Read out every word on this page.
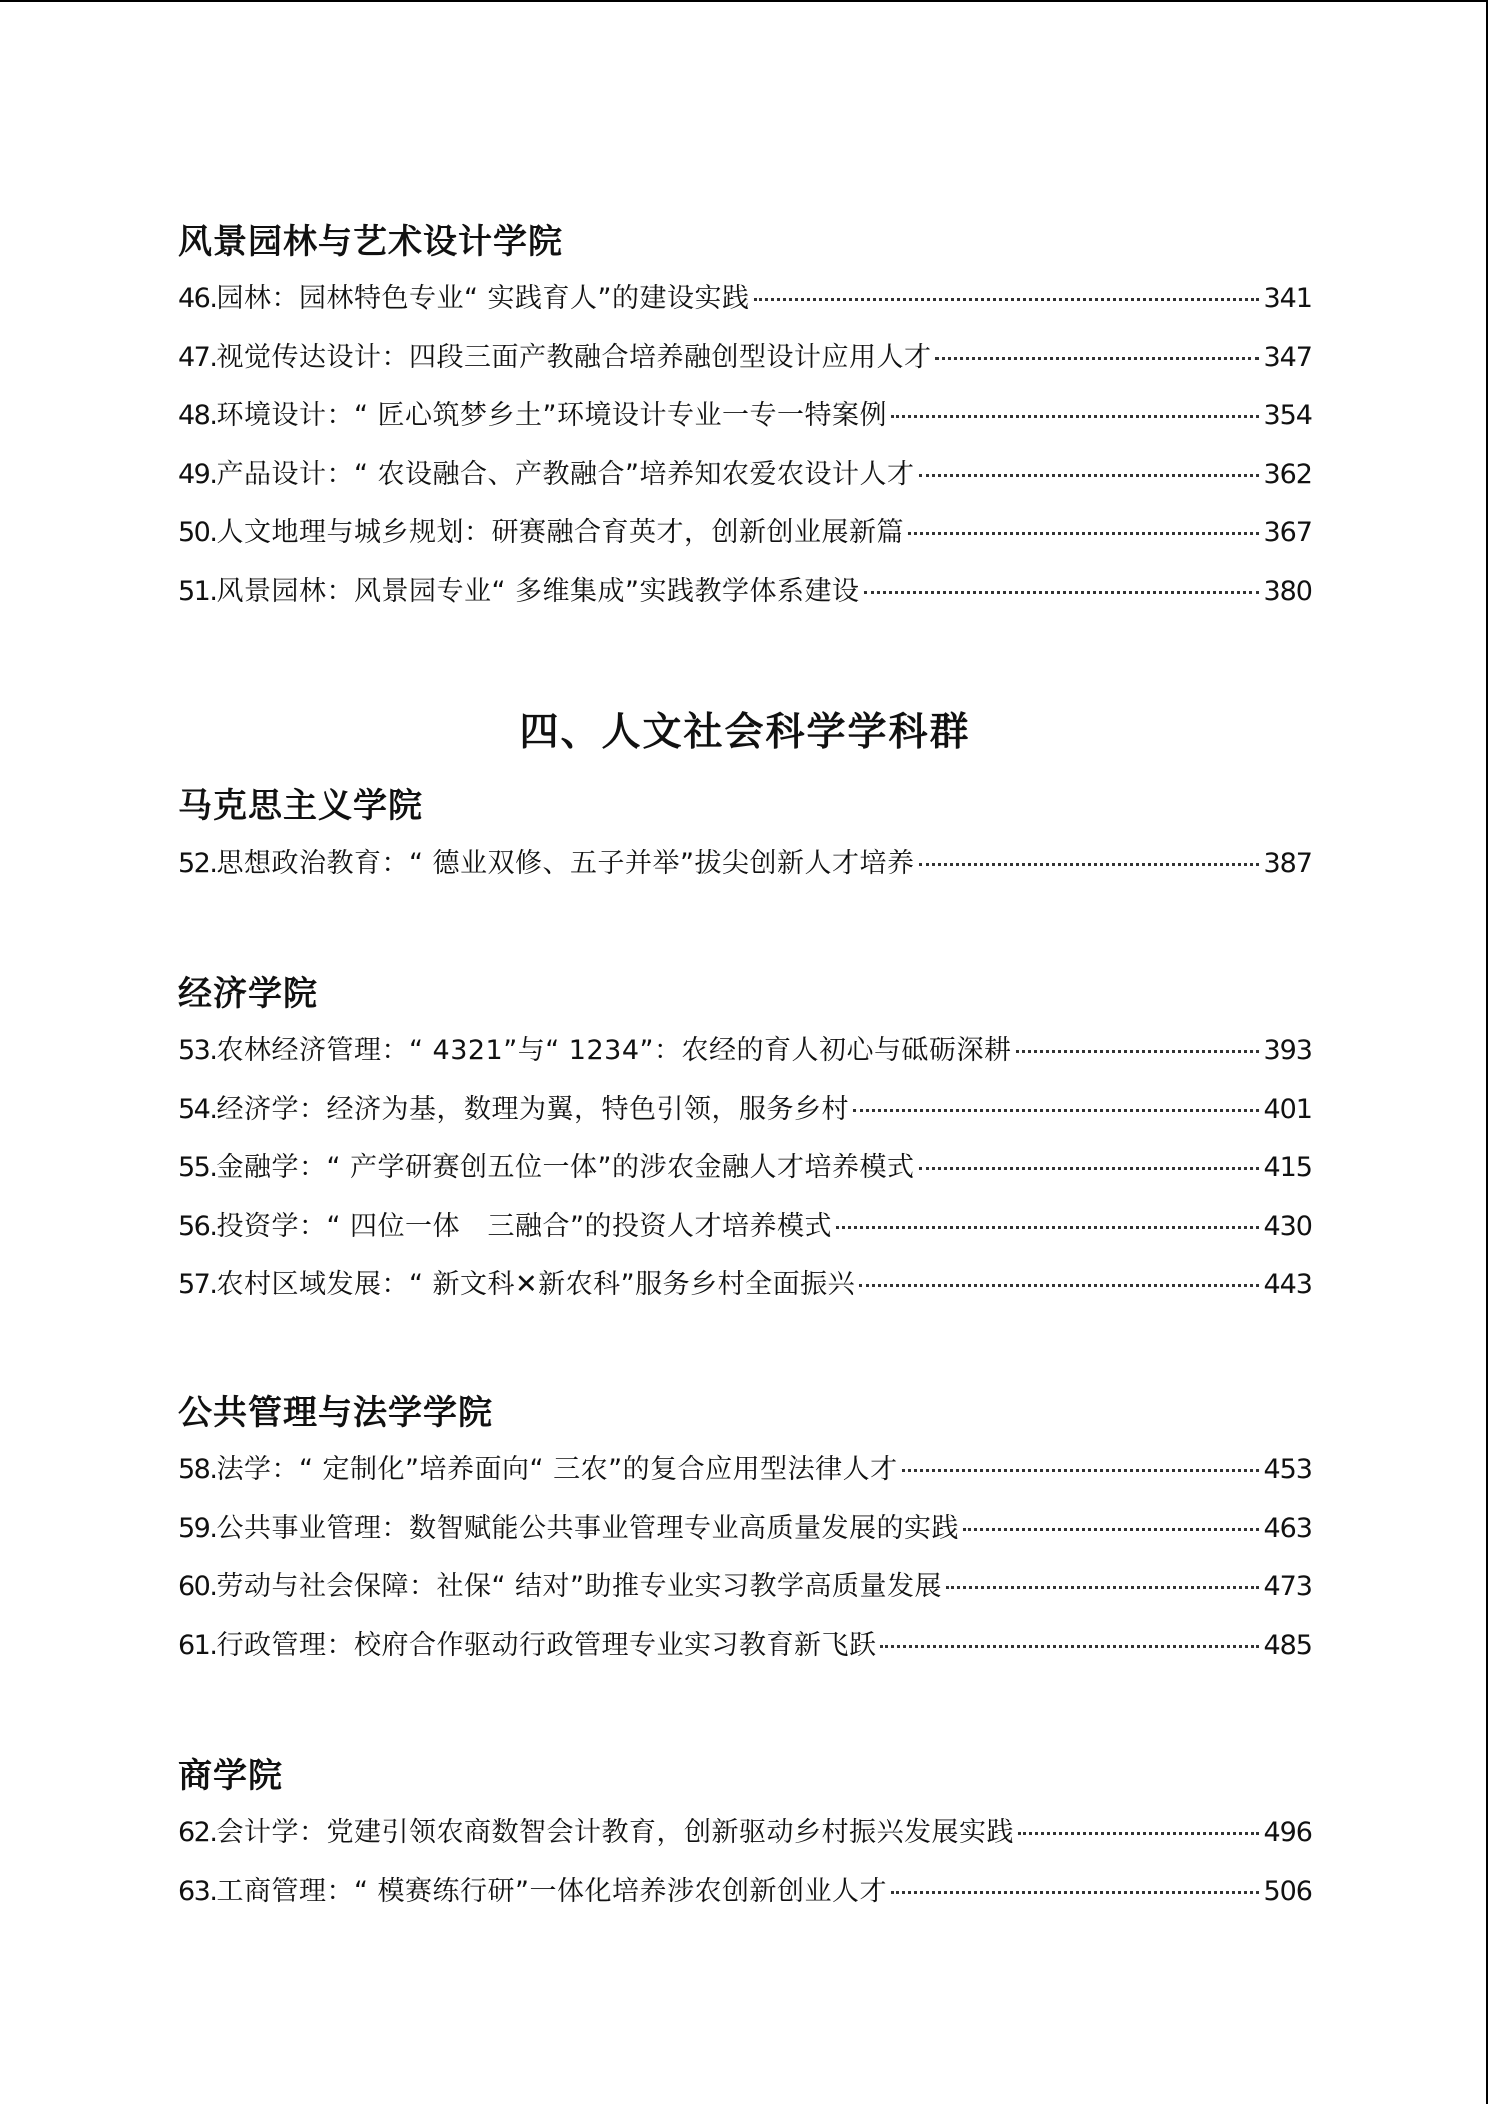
风景园林与艺术设计学院
46. 园林：园林特色专业“ 实践育人”的建设实践	341
47. 视觉传达设计：四段三面产教融合培养融创型设计应用人才	347
48. 环境设计：“ 匠心筑梦乡土”环境设计专业一专一特案例	354
49. 产品设计：“ 农设融合、产教融合”培养知农爱农设计人才	362
50. 人文地理与城乡规划：研赛融合育英才，创新创业展新篇	367
51. 风景园林：风景园专业“ 多维集成”实践教学体系建设	380
四、人文社会科学学科群
马克思主义学院
52. 思想政治教育：“ 德业双修、五子并举”拔尖创新人才培养	387
经济学院
53. 农林经济管理：“ 4321”与“ 1234”：农经的育人初心与砥砺深耕	393
54. 经济学：经济为基，数理为翼，特色引领，服务乡村	401
55. 金融学：“ 产学研赛创五位一体”的涉农金融人才培养模式	415
56. 投资学：“ 四位一体　三融合”的投资人才培养模式	430
57. 农村区域发展：“ 新文科✕新农科”服务乡村全面振兴	443
公共管理与法学学院
58. 法学：“ 定制化”培养面向“ 三农”的复合应用型法律人才	453
59. 公共事业管理：数智赋能公共事业管理专业高质量发展的实践	463
60. 劳动与社会保障：社保“ 结对”助推专业实习教学高质量发展	473
61. 行政管理：校府合作驱动行政管理专业实习教育新飞跃	485
商学院
62. 会计学：党建引领农商数智会计教育，创新驱动乡村振兴发展实践	496
63. 工商管理：“ 模赛练行研”一体化培养涉农创新创业人才	506
